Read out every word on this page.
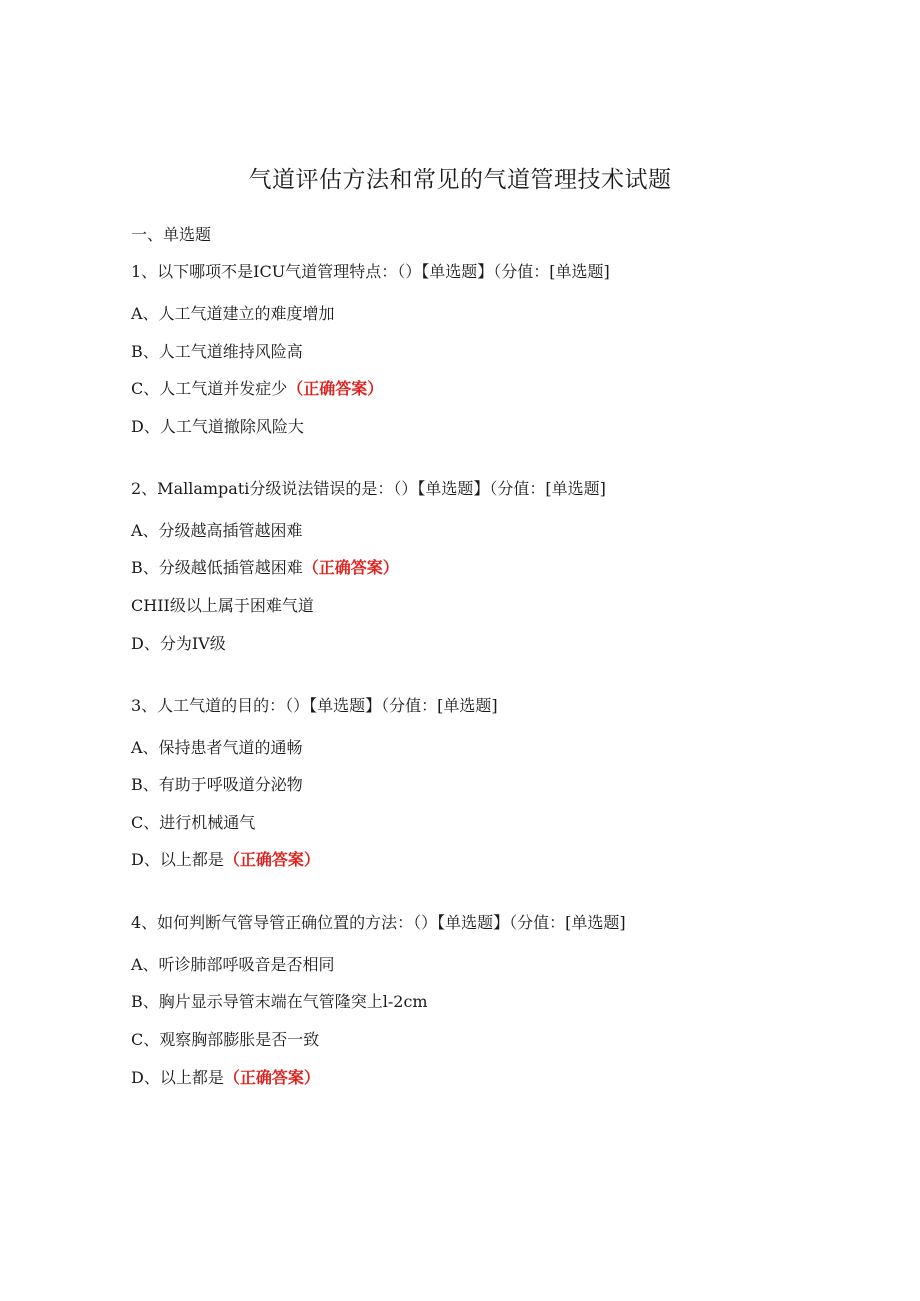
气道评估方法和常见的气道管理技术试题
一、单选题
1、以下哪项不是ICU气道管理特点：（）【单选题】（分值：[单选题]
A、人工气道建立的难度增加
B、人工气道维持风险高
C、人工气道并发症少（正确答案）
D、人工气道撤除风险大
2、Mallampati分级说法错误的是：（）【单选题】（分值：[单选题]
A、分级越高插管越困难
B、分级越低插管越困难（正确答案）
CHII级以上属于困难气道
D、分为IV级
3、人工气道的目的：（）【单选题】（分值：[单选题]
A、保持患者气道的通畅
B、有助于呼吸道分泌物
C、进行机械通气
D、以上都是（正确答案）
4、如何判断气管导管正确位置的方法：（）【单选题】（分值：[单选题]
A、听诊肺部呼吸音是否相同
B、胸片显示导管末端在气管隆突上l-2cm
C、观察胸部膨胀是否一致
D、以上都是（正确答案）
